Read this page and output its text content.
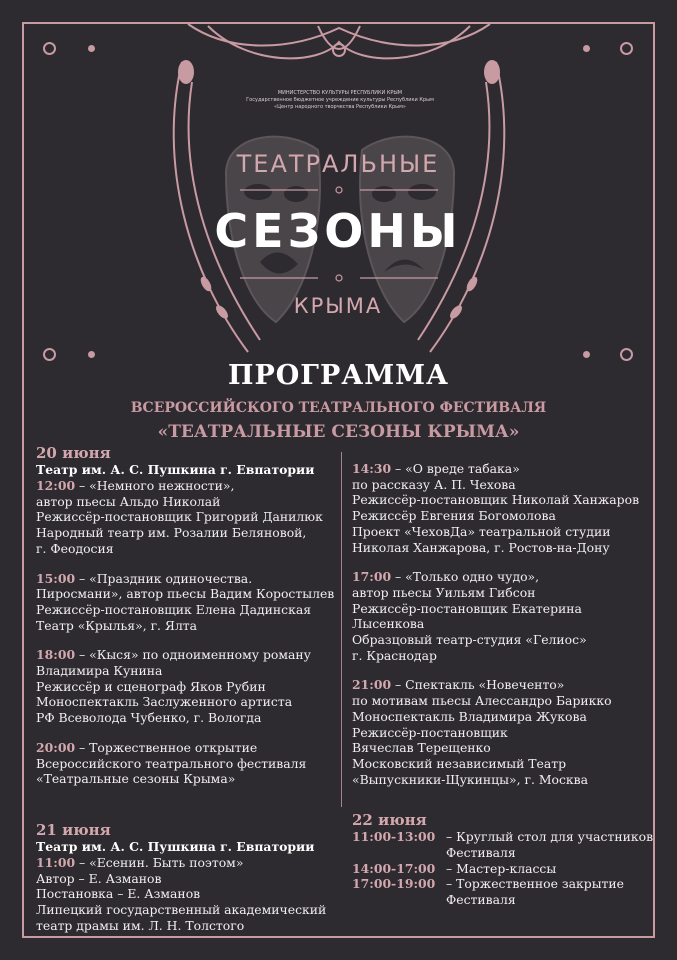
МИНИСТЕРСТВО КУЛЬТУРЫ РЕСПУБЛИКИ КРЫМ
Государственное бюджетное учреждение культуры Республики Крым
«Центр народного творчества Республики Крым»
ТЕАТРАЛЬНЫЕ
СЕЗОНЫ
КРЫМА
ПРОГРАММА
ВСЕРОССИЙСКОГО ТЕАТРАЛЬНОГО ФЕСТИВАЛЯ
«ТЕАТРАЛЬНЫЕ СЕЗОНЫ КРЫМА»
20 июня
Театр им. А. С. Пушкина г. Евпатории
12:00 – «Немного нежности»,
автор пьесы Альдо Николай
Режиссёр-постановщик Григорий Данилюк
Народный театр им. Розалии Беляновой,
г. Феодосия
15:00 – «Праздник одиночества.
Пиросмани», автор пьесы Вадим Коростылев
Режиссёр-постановщик Елена Дадинская
Театр «Крылья», г. Ялта
18:00 – «Кыся» по одноименному роману
Владимира Кунина
Режиссёр и сценограф Яков Рубин
Моноспектакль Заслуженного артиста
РФ Всеволода Чубенко, г. Вологда
20:00 – Торжественное открытие
Всероссийского театрального фестиваля
«Театральные сезоны Крыма»
21 июня
Театр им. А. С. Пушкина г. Евпатории
11:00 – «Есенин. Быть поэтом»
Автор – Е. Азманов
Постановка – Е. Азманов
Липецкий государственный академический
театр драмы им. Л. Н. Толстого
14:30 – «О вреде табака»
по рассказу А. П. Чехова
Режиссёр-постановщик Николай Ханжаров
Режиссёр Евгения Богомолова
Проект «ЧеховДа» театральной студии
Николая Ханжарова, г. Ростов-на-Дону
17:00 – «Только одно чудо»,
автор пьесы Уильям Гибсон
Режиссёр-постановщик Екатерина
Лысенкова
Образцовый театр-студия «Гелиос»
г. Краснодар
21:00 – Спектакль «Новеченто»
по мотивам пьесы Алессандро Барикко
Моноспектакль Владимира Жукова
Режиссёр-постановщик
Вячеслав Терещенко
Московский независимый Театр
«Выпускники-Щукинцы», г. Москва
22 июня
11:00-13:00 – Круглый стол для участников
Фестиваля
14:00-17:00 – Мастер-классы
17:00-19:00 – Торжественное закрытие
Фестиваля
